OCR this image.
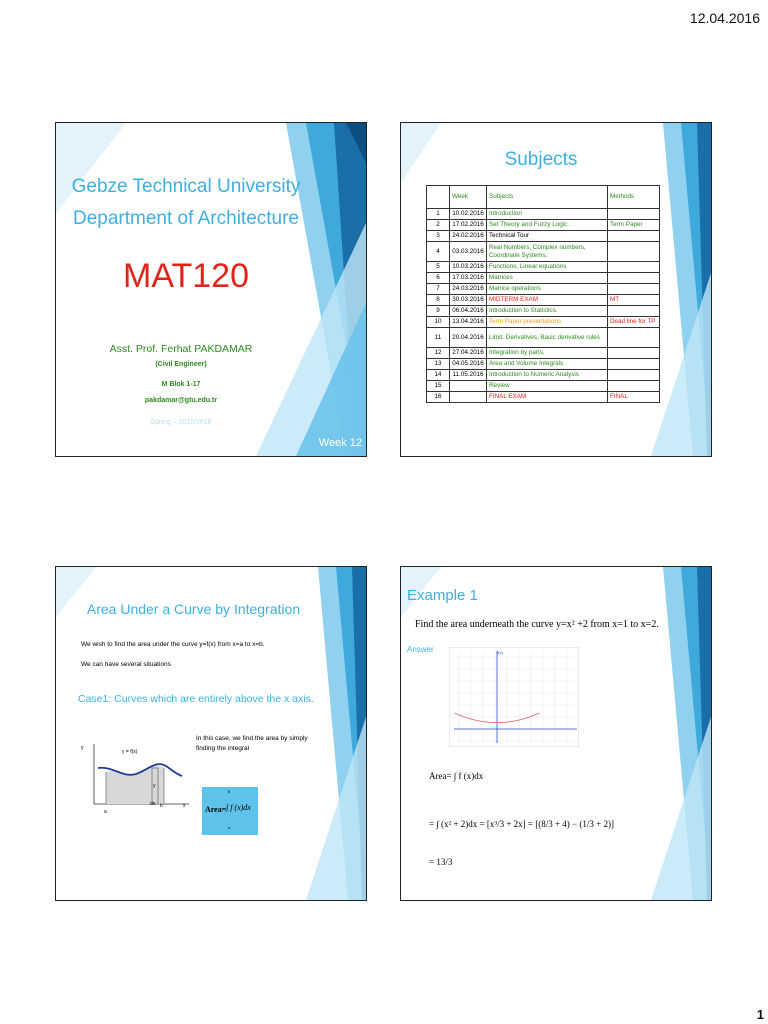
12.04.2016
Gebze Technical University
Department of Architecture
MAT120
Asst. Prof. Ferhat PAKDAMAR
(Civil Engineer)
M Blok 1-17
pakdamar@gtu.edu.tr
Spring – 2015/2016
Week 12
Subjects
	Week	Subjects	Methods
1	10.02.2016	Introduction	
2	17.02.2016	Set Theory and Fuzzy Logic.	Term Paper
3	24.02.2016	Technical Tour	
4	03.03.2016	Real Numbers, Complex numbers, Coordinate Systems.	
5	10.03.2016	Functions, Linear equations	
6	17.03.2016	Matrices	
7	24.03.2016	Matrice operations	
8	30.03.2016	MIDTERM EXAM	MT
9	06.04.2016	Introduction to Statistics.	
10	13.04.2016	Term Paper presentations	Dead line for TP
11	20.04.2016	Limit. Derivatives, Basic derivative rules	
12	27.04.2016	Integration by parts,	
13	04.05.2016	Area and Volume Integrals	
14	11.05.2016	Introduction to Numeric Analysis	
15		Review	
16		FINAL EXAM	FINAL
Area Under a Curve by Integration
We wish to find the area under the curve y=f(x) from x=a to x=b.
We can have several situations
Case1: Curves which are entirely above the x axis.
In this case, we find the area by simply finding the integral
y
y = f(x)
a
dx b	x
y
b
Area= ∫ f (x)dx
a
Example 1
Find the area underneath the curve y=x² +2 from x=1 to x=2.
Answer	f(x)
Area= ∫ f (x)dx
= ∫ (x² + 2)dx = [x³/3 + 2x] = [(8/3 + 4) − (1/3 + 2)]
= 13/3
1
